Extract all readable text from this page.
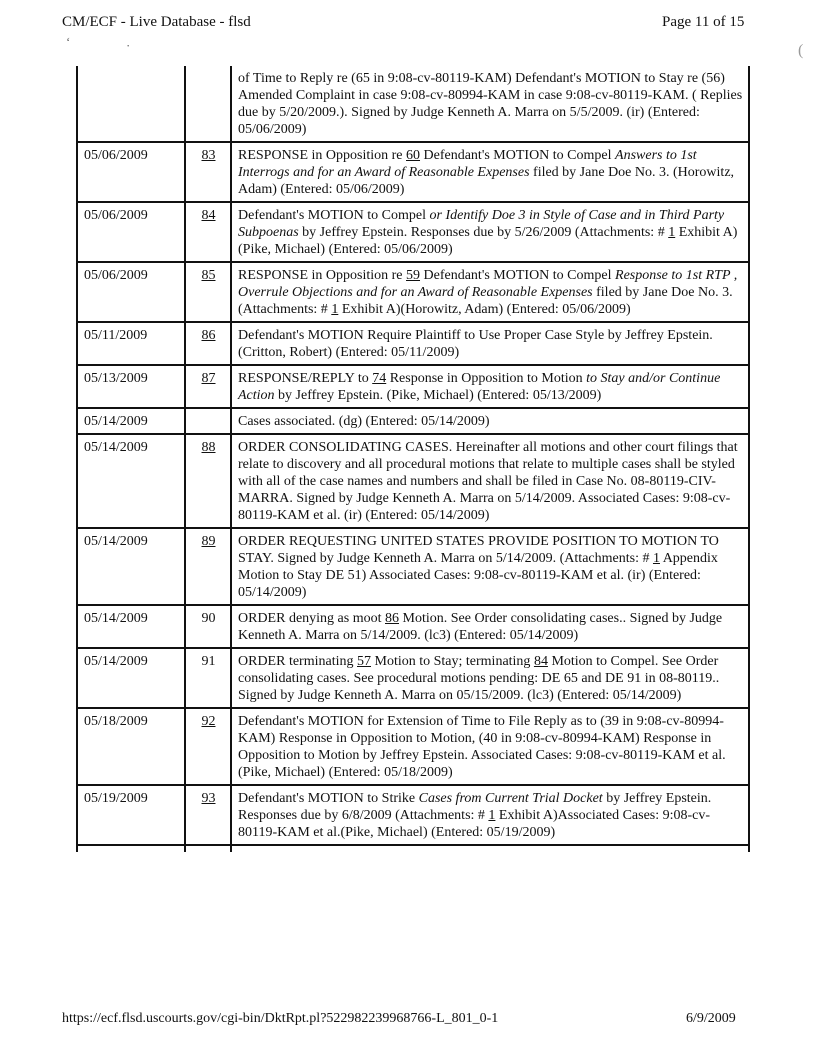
CM/ECF - Live Database - flsd	Page 11 of 15
‘	·	(
		of Time to Reply re (65 in 9:08-cv-80119-KAM) Defendant's MOTION to Stay re (56) Amended Complaint in case 9:08-cv-80994-KAM in case 9:08-cv-80119-KAM. ( Replies due by 5/20/2009.). Signed by Judge Kenneth A. Marra on 5/5/2009. (ir) (Entered: 05/06/2009)
05/06/2009	83	RESPONSE in Opposition re 60 Defendant's MOTION to Compel Answers to 1st Interrogs and for an Award of Reasonable Expenses filed by Jane Doe No. 3. (Horowitz, Adam) (Entered: 05/06/2009)
05/06/2009	84	Defendant's MOTION to Compel or Identify Doe 3 in Style of Case and in Third Party Subpoenas by Jeffrey Epstein. Responses due by 5/26/2009 (Attachments: # 1 Exhibit A)(Pike, Michael) (Entered: 05/06/2009)
05/06/2009	85	RESPONSE in Opposition re 59 Defendant's MOTION to Compel Response to 1st RTP , Overrule Objections and for an Award of Reasonable Expenses filed by Jane Doe No. 3. (Attachments: # 1 Exhibit A)(Horowitz, Adam) (Entered: 05/06/2009)
05/11/2009	86	Defendant's MOTION Require Plaintiff to Use Proper Case Style by Jeffrey Epstein. (Critton, Robert) (Entered: 05/11/2009)
05/13/2009	87	RESPONSE/REPLY to 74 Response in Opposition to Motion to Stay and/or Continue Action by Jeffrey Epstein. (Pike, Michael) (Entered: 05/13/2009)
05/14/2009		Cases associated. (dg) (Entered: 05/14/2009)
05/14/2009	88	ORDER CONSOLIDATING CASES. Hereinafter all motions and other court filings that relate to discovery and all procedural motions that relate to multiple cases shall be styled with all of the case names and numbers and shall be filed in Case No. 08-80119-CIV-MARRA. Signed by Judge Kenneth A. Marra on 5/14/2009. Associated Cases: 9:08-cv-80119-KAM et al. (ir) (Entered: 05/14/2009)
05/14/2009	89	ORDER REQUESTING UNITED STATES PROVIDE POSITION TO MOTION TO STAY. Signed by Judge Kenneth A. Marra on 5/14/2009. (Attachments: # 1 Appendix Motion to Stay DE 51) Associated Cases: 9:08-cv-80119-KAM et al. (ir) (Entered: 05/14/2009)
05/14/2009	90	ORDER denying as moot 86 Motion. See Order consolidating cases.. Signed by Judge Kenneth A. Marra on 5/14/2009. (lc3) (Entered: 05/14/2009)
05/14/2009	91	ORDER terminating 57 Motion to Stay; terminating 84 Motion to Compel. See Order consolidating cases. See procedural motions pending: DE 65 and DE 91 in 08-80119.. Signed by Judge Kenneth A. Marra on 05/15/2009. (lc3) (Entered: 05/14/2009)
05/18/2009	92	Defendant's MOTION for Extension of Time to File Reply as to (39 in 9:08-cv-80994-KAM) Response in Opposition to Motion, (40 in 9:08-cv-80994-KAM) Response in Opposition to Motion by Jeffrey Epstein. Associated Cases: 9:08-cv-80119-KAM et al.(Pike, Michael) (Entered: 05/18/2009)
05/19/2009	93	Defendant's MOTION to Strike Cases from Current Trial Docket by Jeffrey Epstein. Responses due by 6/8/2009 (Attachments: # 1 Exhibit A)Associated Cases: 9:08-cv-80119-KAM et al.(Pike, Michael) (Entered: 05/19/2009)

https://ecf.flsd.uscourts.gov/cgi-bin/DktRpt.pl?522982239968766-L_801_0-1	6/9/2009
